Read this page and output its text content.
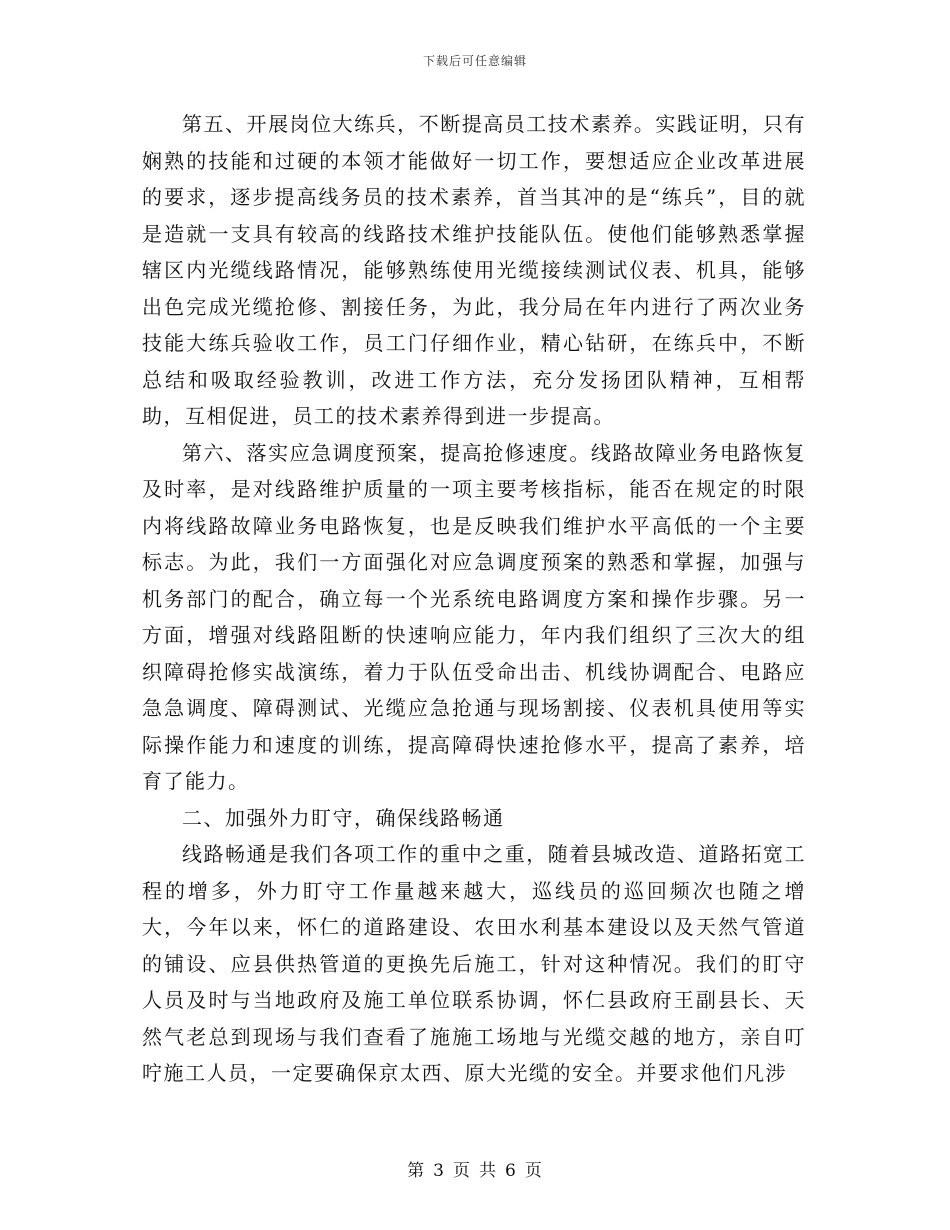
下载后可任意编辑

第五、开展岗位大练兵，不断提高员工技术素养。实践证明，只有娴熟的技能和过硬的本领才能做好一切工作，要想适应企业改革进展的要求，逐步提高线务员的技术素养，首当其冲的是“练兵”，目的就是造就一支具有较高的线路技术维护技能队伍。使他们能够熟悉掌握辖区内光缆线路情况，能够熟练使用光缆接续测试仪表、机具，能够出色完成光缆抢修、割接任务，为此，我分局在年内进行了两次业务技能大练兵验收工作，员工门仔细作业，精心钻研，在练兵中，不断总结和吸取经验教训，改进工作方法，充分发扬团队精神，互相帮助，互相促进，员工的技术素养得到进一步提高。

第六、落实应急调度预案，提高抢修速度。线路故障业务电路恢复及时率，是对线路维护质量的一项主要考核指标，能否在规定的时限内将线路故障业务电路恢复，也是反映我们维护水平高低的一个主要标志。为此，我们一方面强化对应急调度预案的熟悉和掌握，加强与机务部门的配合，确立每一个光系统电路调度方案和操作步骤。另一方面，增强对线路阻断的快速响应能力，年内我们组织了三次大的组织障碍抢修实战演练，着力于队伍受命出击、机线协调配合、电路应急急调度、障碍测试、光缆应急抢通与现场割接、仪表机具使用等实际操作能力和速度的训练，提高障碍快速抢修水平，提高了素养，培育了能力。

二、加强外力盯守，确保线路畅通

线路畅通是我们各项工作的重中之重，随着县城改造、道路拓宽工程的增多，外力盯守工作量越来越大，巡线员的巡回频次也随之增大，今年以来，怀仁的道路建设、农田水利基本建设以及天然气管道的铺设、应县供热管道的更换先后施工，针对这种情况。我们的盯守人员及时与当地政府及施工单位联系协调，怀仁县政府王副县长、天然气老总到现场与我们查看了施施工场地与光缆交越的地方，亲自叮咛施工人员，一定要确保京太西、原大光缆的安全。并要求他们凡涉

第 3 页 共 6 页
